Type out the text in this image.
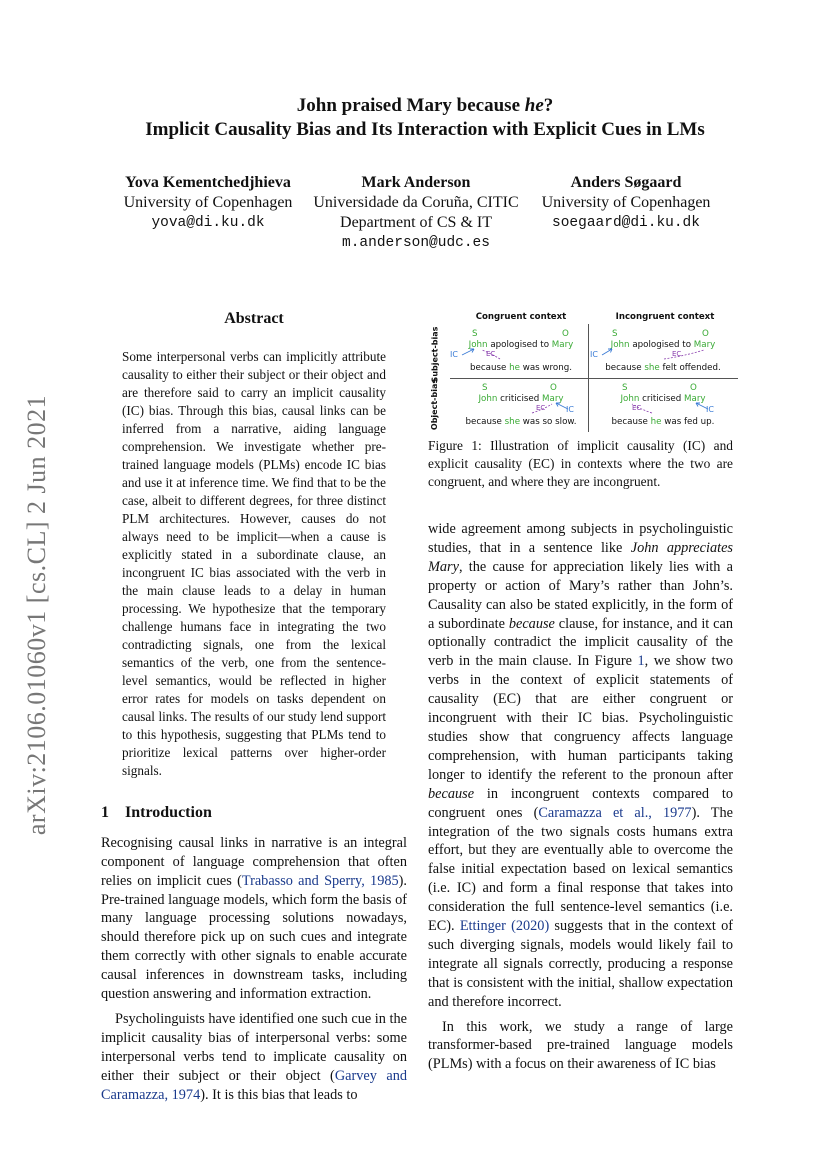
arXiv:2106.01060v1 [cs.CL] 2 Jun 2021
John praised Mary because he?
Implicit Causality Bias and Its Interaction with Explicit Cues in LMs
Yova Kementchedjhieva
University of Copenhagen
yova@di.ku.dk
Mark Anderson
Universidade da Coruña, CITIC
Department of CS & IT
m.anderson@udc.es
Anders Søgaard
University of Copenhagen
soegaard@di.ku.dk
Abstract
Some interpersonal verbs can implicitly attribute causality to either their subject or their object and are therefore said to carry an implicit causality (IC) bias. Through this bias, causal links can be inferred from a narrative, aiding language comprehension. We investigate whether pre-trained language models (PLMs) encode IC bias and use it at inference time. We find that to be the case, albeit to different degrees, for three distinct PLM architectures. However, causes do not always need to be implicit—when a cause is explicitly stated in a subordinate clause, an incongruent IC bias associated with the verb in the main clause leads to a delay in human processing. We hypothesize that the temporary challenge humans face in integrating the two contradicting signals, one from the lexical semantics of the verb, one from the sentence-level semantics, would be reflected in higher error rates for models on tasks dependent on causal links. The results of our study lend support to this hypothesis, suggesting that PLMs tend to prioritize lexical patterns over higher-order signals.
1 Introduction

Recognising causal links in narrative is an integral component of language comprehension that often relies on implicit cues (Trabasso and Sperry, 1985). Pre-trained language models, which form the basis of many language processing solutions nowadays, should therefore pick up on such cues and integrate them correctly with other signals to enable accurate causal inferences in downstream tasks, including question answering and information extraction.

Psycholinguists have identified one such cue in the implicit causality bias of interpersonal verbs: some interpersonal verbs tend to implicate causality on either their subject or their object (Garvey and Caramazza, 1974). It is this bias that leads to

Congruent context	Incongruent context
Subject-bias
Object-bias
S	O
John apologised to Mary
IC	EC
because he was wrong.
S	O
John apologised to Mary
IC	EC
because she felt offended.
S	O
John criticised Mary
EC	IC
because she was so slow.
S	O
John criticised Mary
EC	IC
because he was fed up.
Figure 1: Illustration of implicit causality (IC) and explicit causality (EC) in contexts where the two are congruent, and where they are incongruent.

wide agreement among subjects in psycholinguistic studies, that in a sentence like John appreciates Mary, the cause for appreciation likely lies with a property or action of Mary’s rather than John’s. Causality can also be stated explicitly, in the form of a subordinate because clause, for instance, and it can optionally contradict the implicit causality of the verb in the main clause. In Figure 1, we show two verbs in the context of explicit statements of causality (EC) that are either congruent or incongruent with their IC bias. Psycholinguistic studies show that congruency affects language comprehension, with human participants taking longer to identify the referent to the pronoun after because in incongruent contexts compared to congruent ones (Caramazza et al., 1977). The integration of the two signals costs humans extra effort, but they are eventually able to overcome the false initial expectation based on lexical semantics (i.e. IC) and form a final response that takes into consideration the full sentence-level semantics (i.e. EC). Ettinger (2020) suggests that in the context of such diverging signals, models would likely fail to integrate all signals correctly, producing a response that is consistent with the initial, shallow expectation and therefore incorrect.

In this work, we study a range of large transformer-based pre-trained language models (PLMs) with a focus on their awareness of IC bias
